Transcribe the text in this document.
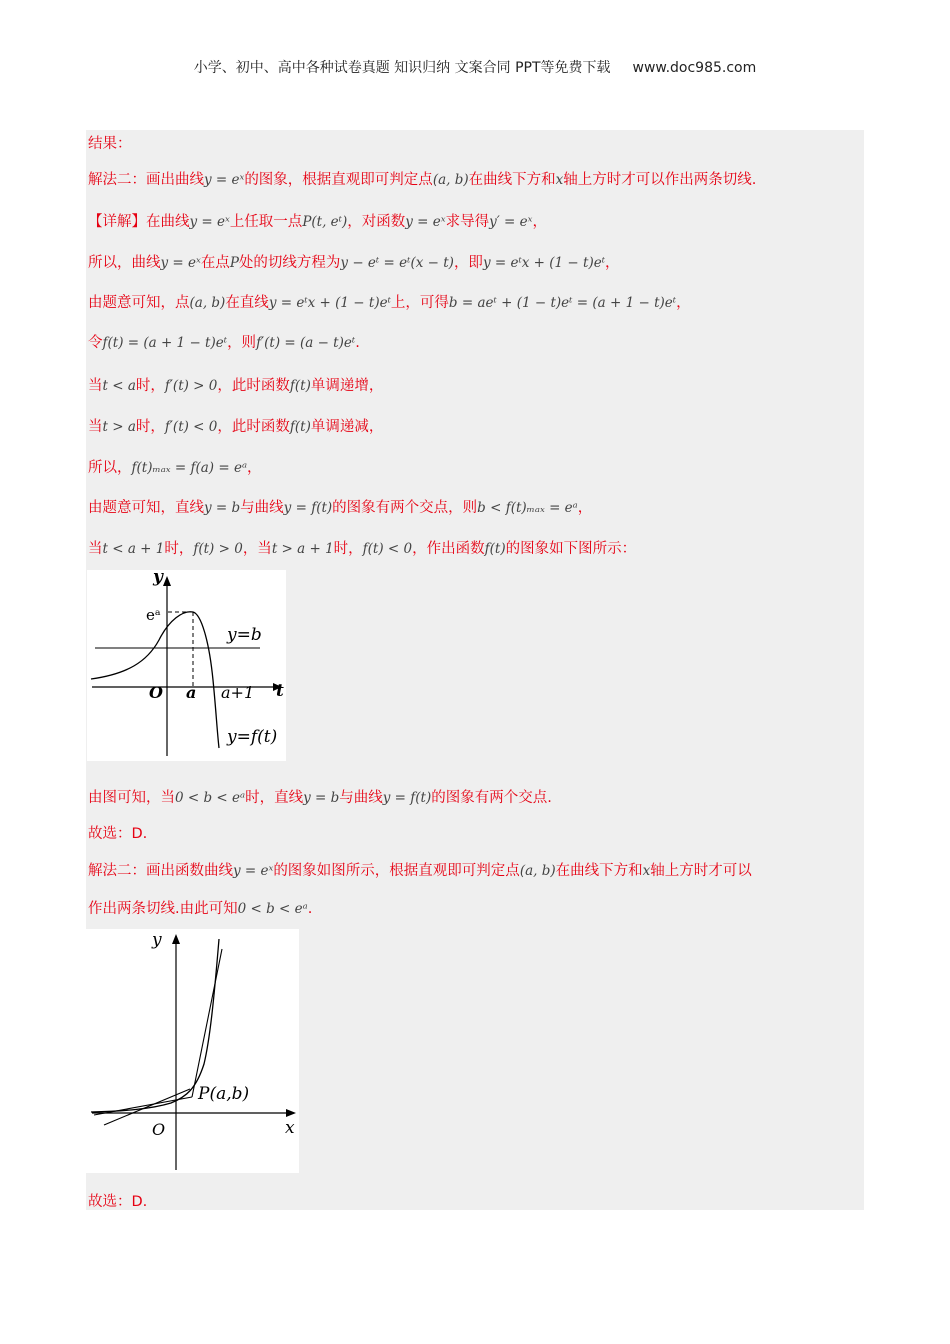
小学、初中、高中各种试卷真题 知识归纳 文案合同 PPT等免费下载 www.doc985.com
结果：
解法二：画出曲线y = eˣ的图象，根据直观即可判定点(a, b)在曲线下方和x轴上方时才可以作出两条切线.
【详解】在曲线y = eˣ上任取一点P(t, eᵗ)，对函数y = eˣ求导得y′ = eˣ，
所以，曲线y = eˣ在点P处的切线方程为y − eᵗ = eᵗ(x − t)，即y = eᵗx + (1 − t)eᵗ，
由题意可知，点(a, b)在直线y = eᵗx + (1 − t)eᵗ上，可得b = aeᵗ + (1 − t)eᵗ = (a + 1 − t)eᵗ，
令f(t) = (a + 1 − t)eᵗ，则f′(t) = (a − t)eᵗ.
当t < a时，f′(t) > 0，此时函数f(t)单调递增，
当t > a时，f′(t) < 0，此时函数f(t)单调递减，
所以，f(t)ₘₐₓ = f(a) = eᵃ，
由题意可知，直线y = b与曲线y = f(t)的图象有两个交点，则b < f(t)ₘₐₓ = eᵃ，
当t < a + 1时，f(t) > 0，当t > a + 1时，f(t) < 0，作出函数f(t)的图象如下图所示：
y
eᵃ
y=b
O a a+1 t
y=f(t)
由图可知，当0 < b < eᵃ时，直线y = b与曲线y = f(t)的图象有两个交点.
故选：D.
解法二：画出函数曲线y = eˣ的图象如图所示，根据直观即可判定点(a, b)在曲线下方和x轴上方时才可以
作出两条切线.由此可知0 < b < eᵃ.
y
P(a,b)
O	x
故选：D.
